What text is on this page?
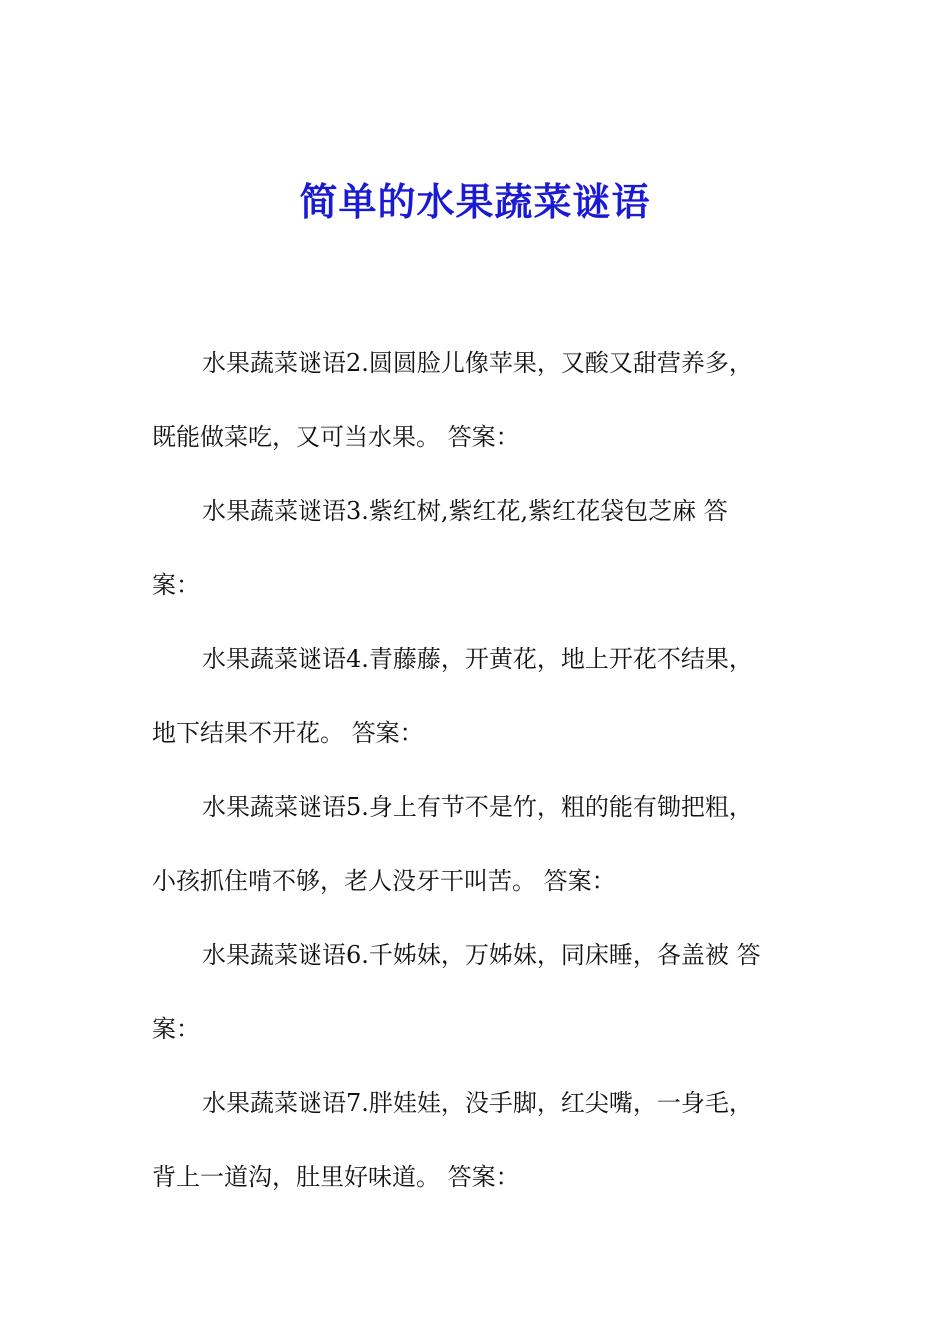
简单的水果蔬菜谜语

水果蔬菜谜语2.圆圆脸儿像苹果，又酸又甜营养多，
既能做菜吃，又可当水果。 答案：

水果蔬菜谜语3.紫红树,紫红花,紫红花袋包芝麻 答
案：

水果蔬菜谜语4.青藤藤，开黄花，地上开花不结果，
地下结果不开花。 答案：

水果蔬菜谜语5.身上有节不是竹，粗的能有锄把粗，
小孩抓住啃不够，老人没牙干叫苦。 答案：

水果蔬菜谜语6.千姊妹，万姊妹，同床睡，各盖被 答
案：

水果蔬菜谜语7.胖娃娃，没手脚，红尖嘴，一身毛，
背上一道沟，肚里好味道。 答案：
